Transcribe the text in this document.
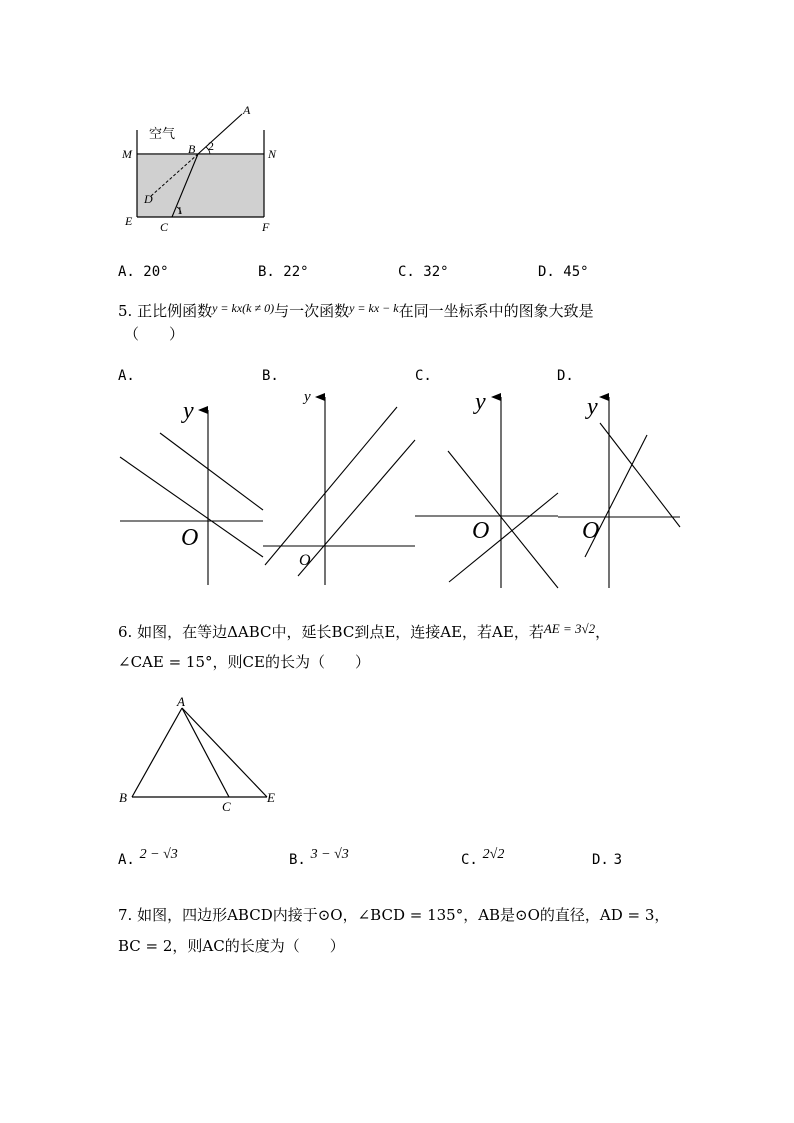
空气
A
B 2
M	N
D
1
E C	F
A. 20°	B. 22°	C. 32°	D. 45°
5. 正比例函数$^{y = kx(k \ne 0)}$与一次函数$^{y = kx - k}$在同一坐标系中的图象大致是
（　　）
A.	B.	C.	D.
y
O
y
O
y
O
y
O
6. 如图，在等边ΔABC中，延长BC到点E，连接AE，若AE，若AE = 3√2，
∠CAE = 15°，则CE的长为（　　）
A
B
C
E
A. 2 − √3	B. 3 − √3	C. 2√2	D. 3
7. 如图，四边形ABCD内接于⊙O，∠BCD = 135°，AB是⊙O的直径，AD = 3，
BC = 2，则AC的长度为（　　）
